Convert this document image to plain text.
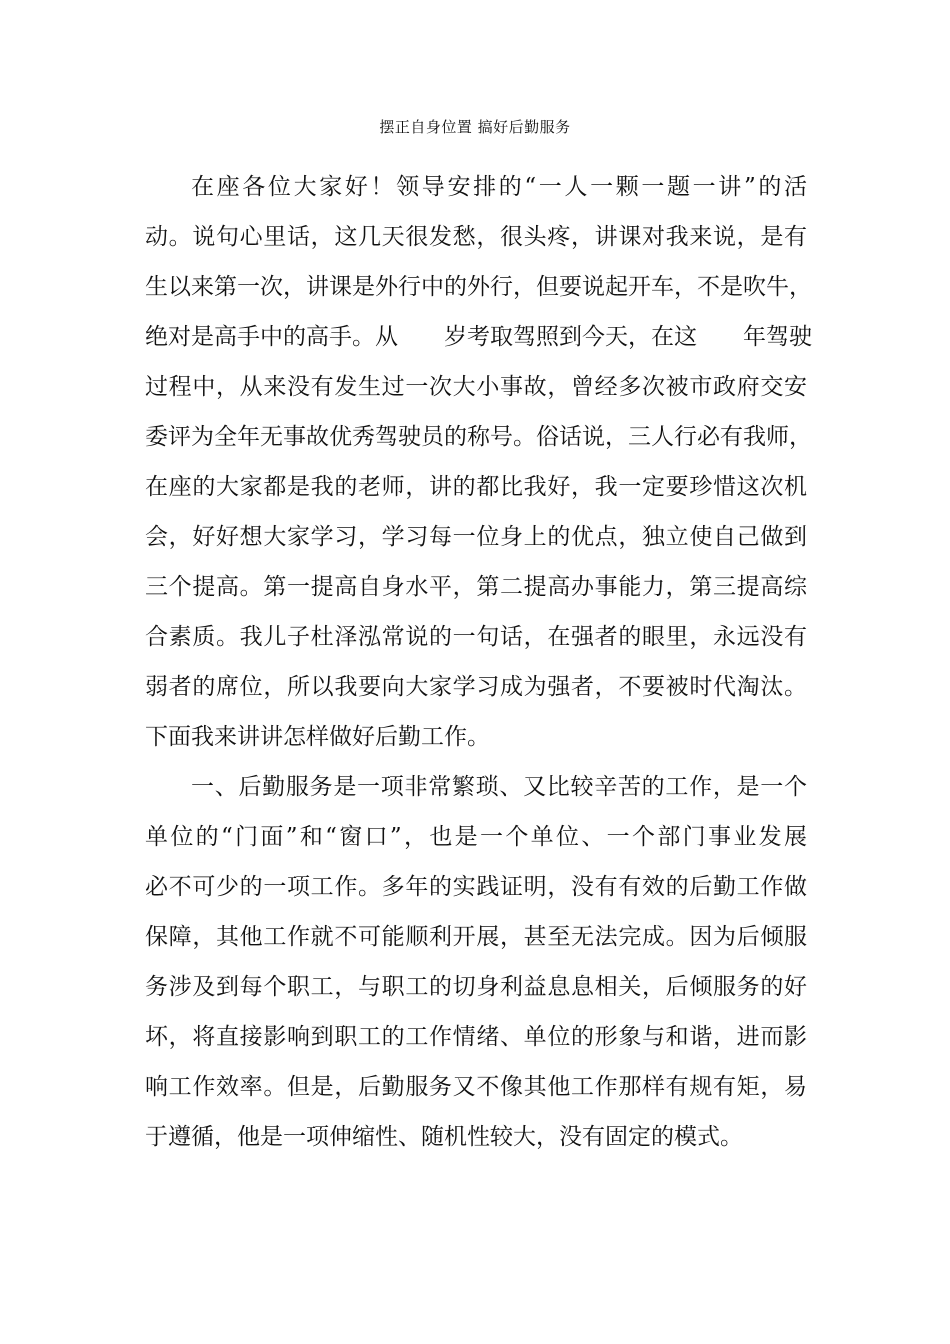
摆正自身位置 搞好后勤服务
在座各位大家好！领导安排的“一人一颗一题一讲”的活
动。说句心里话，这几天很发愁，很头疼，讲课对我来说，是有
生以来第一次，讲课是外行中的外行，但要说起开车，不是吹牛，
绝对是高手中的高手。从　　岁考取驾照到今天，在这　　年驾驶
过程中，从来没有发生过一次大小事故，曾经多次被市政府交安
委评为全年无事故优秀驾驶员的称号。俗话说，三人行必有我师，
在座的大家都是我的老师，讲的都比我好，我一定要珍惜这次机
会，好好想大家学习，学习每一位身上的优点，独立使自己做到
三个提高。第一提高自身水平，第二提高办事能力，第三提高综
合素质。我儿子杜泽泓常说的一句话，在强者的眼里，永远没有
弱者的席位，所以我要向大家学习成为强者，不要被时代淘汰。
下面我来讲讲怎样做好后勤工作。
一、后勤服务是一项非常繁琐、又比较辛苦的工作，是一个
单位的“门面”和“窗口”，也是一个单位、一个部门事业发展
必不可少的一项工作。多年的实践证明，没有有效的后勤工作做
保障，其他工作就不可能顺利开展，甚至无法完成。因为后倾服
务涉及到每个职工，与职工的切身利益息息相关，后倾服务的好
坏，将直接影响到职工的工作情绪、单位的形象与和谐，进而影
响工作效率。但是，后勤服务又不像其他工作那样有规有矩，易
于遵循，他是一项伸缩性、随机性较大，没有固定的模式。
